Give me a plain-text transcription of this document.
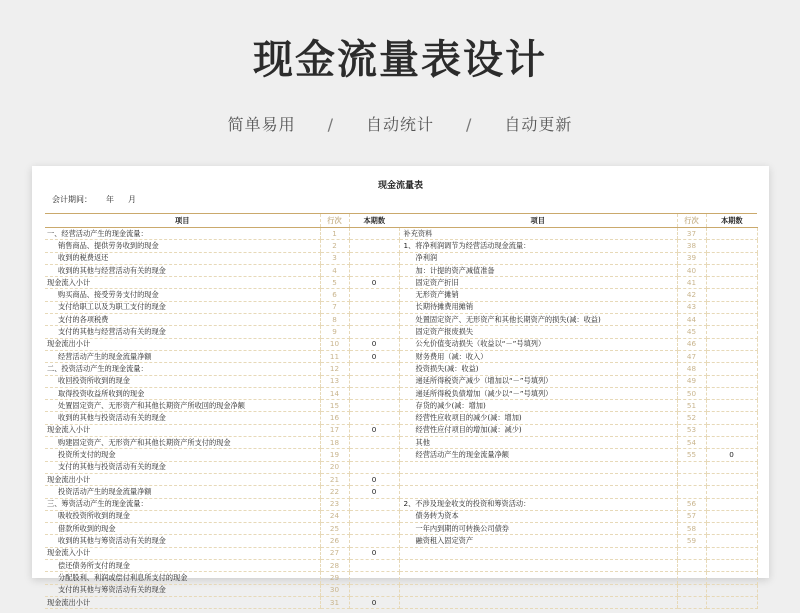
现金流量表设计
简单易用 / 自动统计 / 自动更新
现金流量表
会计期间： 年 月
项目	行次	本期数	项目	行次	本期数
一、经营活动产生的现金流量：	1		补充资料	37	
销售商品、提供劳务收到的现金	2		1、将净利润调节为经营活动现金流量：	38	
收到的税费返还	3		净利润	39	
收到的其他与经营活动有关的现金	4		加：计提的资产减值准备	40	
现金流入小计	5	0	固定资产折旧	41	
购买商品、接受劳务支付的现金	6		无形资产摊销	42	
支付给职工以及为职工支付的现金	7		长期待摊费用摊销	43	
支付的各项税费	8		处置固定资产、无形资产和其他长期资产的损失(减：收益)	44	
支付的其他与经营活动有关的现金	9		固定资产报废损失	45	
现金流出小计	10	0	公允价值变动损失（收益以“－”号填列）	46	
经营活动产生的现金流量净额	11	0	财务费用（减：收入）	47	
二、投资活动产生的现金流量：	12		投资损失(减：收益)	48	
收回投资所收到的现金	13		递延所得税资产减少（增加以“－”号填列）	49	
取得投资收益所收到的现金	14		递延所得税负债增加（减少以“－”号填列）	50	
处置固定资产、无形资产和其他长期资产所收回的现金净额	15		存货的减少(减：增加)	51	
收到的其他与投资活动有关的现金	16		经营性应收项目的减少(减：增加)	52	
现金流入小计	17	0	经营性应付项目的增加(减：减少)	53	
购建固定资产、无形资产和其他长期资产所支付的现金	18		其他	54	
投资所支付的现金	19		经营活动产生的现金流量净额	55	0
支付的其他与投资活动有关的现金	20				
现金流出小计	21	0			
投资活动产生的现金流量净额	22	0			
三、筹资活动产生的现金流量：	23		2、不涉及现金收支的投资和筹资活动：	56	
吸收投资所收到的现金	24		债务转为资本	57	
借款所收到的现金	25		一年内到期的可转换公司债券	58	
收到的其他与筹资活动有关的现金	26		融资租入固定资产	59	
现金流入小计	27	0			
偿还债务所支付的现金	28				
分配股利、利润或偿付利息所支付的现金	29				
支付的其他与筹资活动有关的现金	30				
现金流出小计	31	0			
